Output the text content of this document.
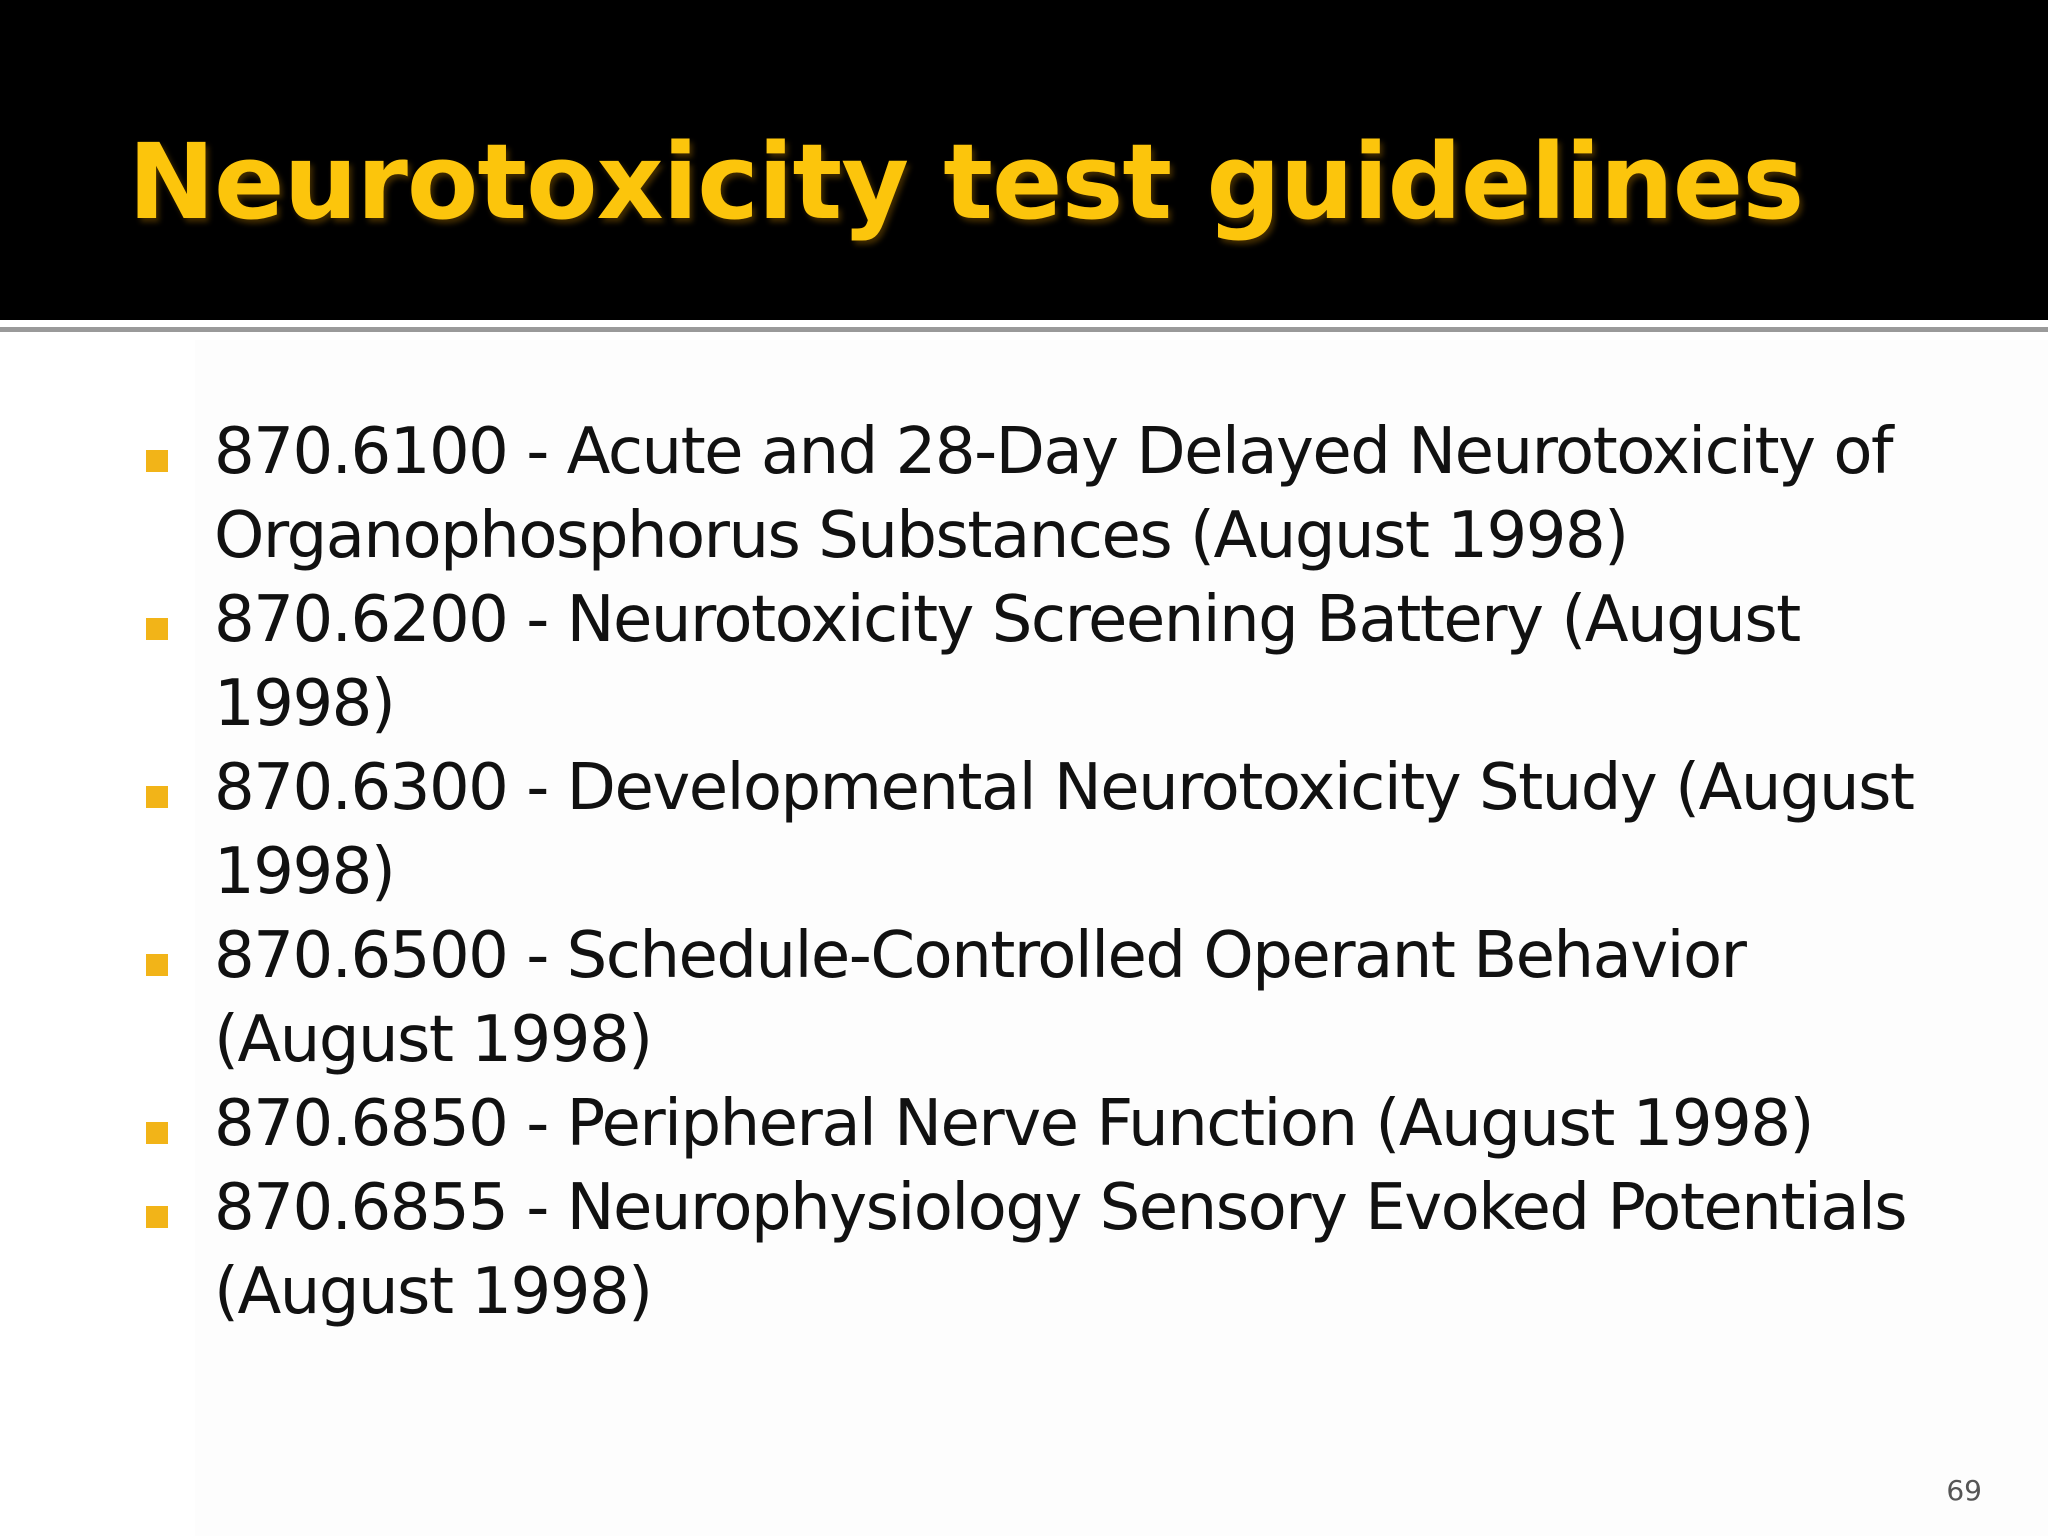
Neurotoxicity test guidelines
870.6100 - Acute and 28-Day Delayed Neurotoxicity of Organophosphorus Substances (August 1998)
870.6200 - Neurotoxicity Screening Battery (August 1998)
870.6300 - Developmental Neurotoxicity Study (August 1998)
870.6500 - Schedule-Controlled Operant Behavior (August 1998)
870.6850 - Peripheral Nerve Function (August 1998)
870.6855 - Neurophysiology Sensory Evoked Potentials (August 1998)
69
